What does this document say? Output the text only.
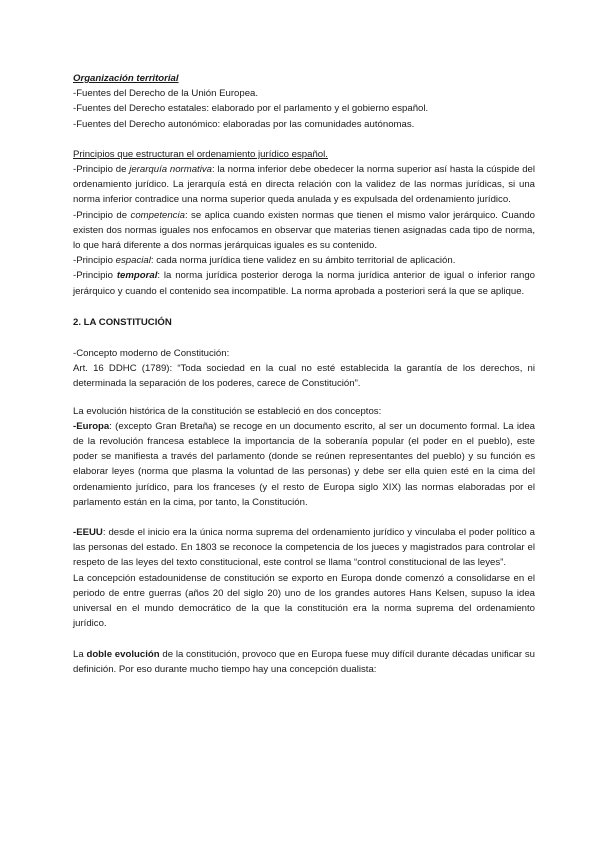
Organización territorial

-Fuentes del Derecho de la Unión Europea.

-Fuentes del Derecho estatales: elaborado por el parlamento y el gobierno español.

-Fuentes del Derecho autonómico: elaboradas por las comunidades autónomas.

Principios que estructuran el ordenamiento jurídico español.

-Principio de jerarquía normativa: la norma inferior debe obedecer la norma superior así hasta la cúspide del ordenamiento jurídico. La jerarquía está en directa relación con la validez de las normas jurídicas, si una norma inferior contradice una norma superior queda anulada y es expulsada del ordenamiento jurídico.

-Principio de competencia: se aplica cuando existen normas que tienen el mismo valor jerárquico. Cuando existen dos normas iguales nos enfocamos en observar que materias tienen asignadas cada tipo de norma, lo que hará diferente a dos normas jerárquicas iguales es su contenido.

-Principio espacial: cada norma jurídica tiene validez en su ámbito territorial de aplicación.

-Principio temporal: la norma jurídica posterior deroga la norma jurídica anterior de igual o inferior rango jerárquico y cuando el contenido sea incompatible. La norma aprobada a posteriori será la que se aplique.

2. LA CONSTITUCIÓN

-Concepto moderno de Constitución:

Art. 16 DDHC (1789): “Toda sociedad en la cual no esté establecida la garantía de los derechos, ni determinada la separación de los poderes, carece de Constitución”.

La evolución histórica de la constitución se estableció en dos conceptos:

-Europa: (excepto Gran Bretaña) se recoge en un documento escrito, al ser un documento formal. La idea de la revolución francesa establece la importancia de la soberanía popular (el poder en el pueblo), este poder se manifiesta a través del parlamento (donde se reúnen representantes del pueblo) y su función es elaborar leyes (norma que plasma la voluntad de las personas) y debe ser ella quien esté en la cima del ordenamiento jurídico, para los franceses (y el resto de Europa siglo XIX) las normas elaboradas por el parlamento están en la cima, por tanto, la Constitución.

-EEUU: desde el inicio era la única norma suprema del ordenamiento jurídico y vinculaba el poder político a las personas del estado. En 1803 se reconoce la competencia de los jueces y magistrados para controlar el respeto de las leyes del texto constitucional, este control se llama “control constitucional de las leyes”.

La concepción estadounidense de constitución se exporto en Europa donde comenzó a consolidarse en el periodo de entre guerras (años 20 del siglo 20) uno de los grandes autores Hans Kelsen, supuso la idea universal en el mundo democrático de la que la constitución era la norma suprema del ordenamiento jurídico.

La doble evolución de la constitución, provoco que en Europa fuese muy difícil durante décadas unificar su definición. Por eso durante mucho tiempo hay una concepción dualista:
